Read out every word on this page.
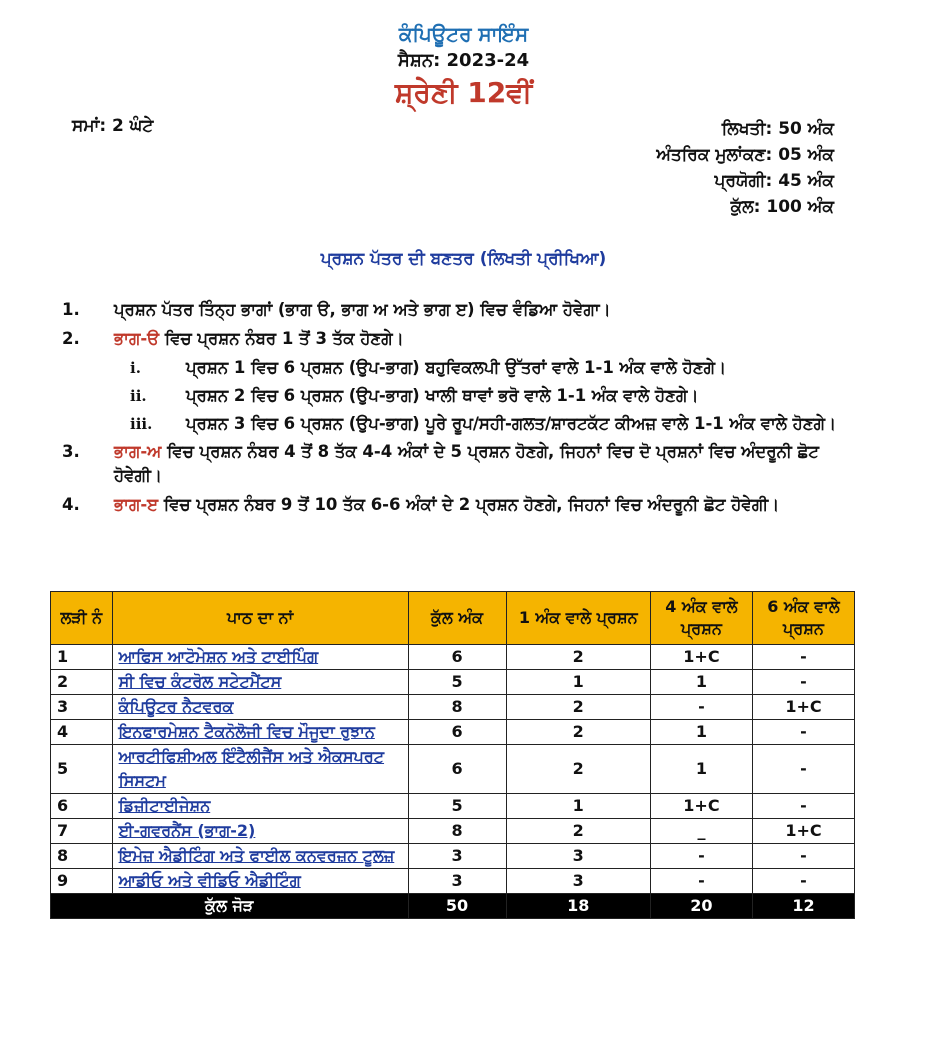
ਕੰਪਿਊਟਰ ਸਾਇੰਸ
ਸੈਸ਼ਨ: 2023-24
ਸ਼੍ਰੇਣੀ 12ਵੀਂ
ਸਮਾਂ: 2 ਘੰਟੇ	ਲਿਖਤੀ: 50 ਅੰਕ
ਅੰਤਰਿਕ ਮੁਲਾਂਕਣ: 05 ਅੰਕ
ਪ੍ਰਯੋਗੀ: 45 ਅੰਕ
ਕੁੱਲ: 100 ਅੰਕ
ਪ੍ਰਸ਼ਨ ਪੱਤਰ ਦੀ ਬਣਤਰ (ਲਿਖਤੀ ਪ੍ਰੀਖਿਆ)
1.	ਪ੍ਰਸ਼ਨ ਪੱਤਰ ਤਿੰਨ੍ਹ ਭਾਗਾਂ (ਭਾਗ ੳ, ਭਾਗ ਅ ਅਤੇ ਭਾਗ ੲ) ਵਿਚ ਵੰਡਿਆ ਹੋਵੇਗਾ।
2.	ਭਾਗ-ੳ ਵਿਚ ਪ੍ਰਸ਼ਨ ਨੰਬਰ 1 ਤੋਂ 3 ਤੱਕ ਹੋਣਗੇ।
i.	ਪ੍ਰਸ਼ਨ 1 ਵਿਚ 6 ਪ੍ਰਸ਼ਨ (ਉਪ-ਭਾਗ) ਬਹੁਵਿਕਲਪੀ ਉੱਤਰਾਂ ਵਾਲੇ 1-1 ਅੰਕ ਵਾਲੇ ਹੋਣਗੇ।
ii.	ਪ੍ਰਸ਼ਨ 2 ਵਿਚ 6 ਪ੍ਰਸ਼ਨ (ਉਪ-ਭਾਗ) ਖਾਲੀ ਥਾਵਾਂ ਭਰੋ ਵਾਲੇ 1-1 ਅੰਕ ਵਾਲੇ ਹੋਣਗੇ।
iii.	ਪ੍ਰਸ਼ਨ 3 ਵਿਚ 6 ਪ੍ਰਸ਼ਨ (ਉਪ-ਭਾਗ) ਪੂਰੇ ਰੂਪ/ਸਹੀ-ਗਲਤ/ਸ਼ਾਰਟਕੱਟ ਕੀਅਜ਼ ਵਾਲੇ 1-1 ਅੰਕ ਵਾਲੇ ਹੋਣਗੇ।
3.	ਭਾਗ-ਅ ਵਿਚ ਪ੍ਰਸ਼ਨ ਨੰਬਰ 4 ਤੋਂ 8 ਤੱਕ 4-4 ਅੰਕਾਂ ਦੇ 5 ਪ੍ਰਸ਼ਨ ਹੋਣਗੇ, ਜਿਹਨਾਂ ਵਿਚ ਦੋ ਪ੍ਰਸ਼ਨਾਂ ਵਿਚ ਅੰਦਰੂਨੀ ਛੋਟ ਹੋਵੇਗੀ।
4.	ਭਾਗ-ੲ ਵਿਚ ਪ੍ਰਸ਼ਨ ਨੰਬਰ 9 ਤੋਂ 10 ਤੱਕ 6-6 ਅੰਕਾਂ ਦੇ 2 ਪ੍ਰਸ਼ਨ ਹੋਣਗੇ, ਜਿਹਨਾਂ ਵਿਚ ਅੰਦਰੂਨੀ ਛੋਟ ਹੋਵੇਗੀ।
ਲੜੀ ਨੰ	ਪਾਠ ਦਾ ਨਾਂ	ਕੁੱਲ ਅੰਕ	1 ਅੰਕ ਵਾਲੇ ਪ੍ਰਸ਼ਨ	4 ਅੰਕ ਵਾਲੇ ਪ੍ਰਸ਼ਨ	6 ਅੰਕ ਵਾਲੇ ਪ੍ਰਸ਼ਨ
1	ਆਫਿਸ ਆਟੋਮੇਸ਼ਨ ਅਤੇ ਟਾਈਪਿੰਗ	6	2	1+C	-
2	ਸੀ ਵਿਚ ਕੰਟਰੋਲ ਸਟੇਟਮੈਂਟਸ	5	1	1	-
3	ਕੰਪਿਊਟਰ ਨੈਟਵਰਕ	8	2	-	1+C
4	ਇਨਫਾਰਮੇਸ਼ਨ ਟੈਕਨੋਲੋਜੀ ਵਿਚ ਮੌਜੂਦਾ ਰੁਝਾਨ	6	2	1	-
5	ਆਰਟੀਫਿਸ਼ੀਅਲ ਇੰਟੈਲੀਜੈਂਸ ਅਤੇ ਐਕਸਪਰਟ ਸਿਸਟਮ	6	2	1	-
6	ਡਿਜ਼ੀਟਾਈਜੇਸ਼ਨ	5	1	1+C	-
7	ਈ-ਗਵਰਨੈਂਸ (ਭਾਗ-2)	8	2	_	1+C
8	ਇਮੇਜ਼ ਐਡੀਟਿੰਗ ਅਤੇ ਫਾਈਲ ਕਨਵਰਜ਼ਨ ਟੂਲਜ਼	3	3	-	-
9	ਆਡੀਓ ਅਤੇ ਵੀਡਿਓ ਐਡੀਟਿੰਗ	3	3	-	-
ਕੁੱਲ ਜੋੜ		50	18	20	12
